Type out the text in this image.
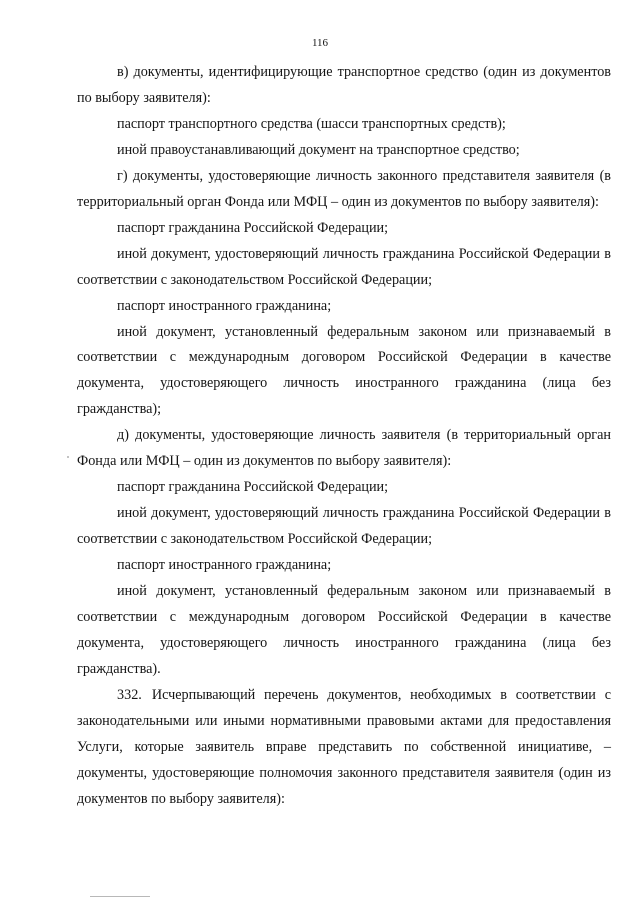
116

в) документы, идентифицирующие транспортное средство (один из документов по выбору заявителя):

паспорт транспортного средства (шасси транспортных средств);

иной правоустанавливающий документ на транспортное средство;

г) документы, удостоверяющие личность законного представителя заявителя (в территориальный орган Фонда или МФЦ – один из документов по выбору заявителя):

паспорт гражданина Российской Федерации;

иной документ, удостоверяющий личность гражданина Российской Федерации в соответствии с законодательством Российской Федерации;

паспорт иностранного гражданина;

иной документ, установленный федеральным законом или признаваемый в соответствии с международным договором Российской Федерации в качестве документа, удостоверяющего личность иностранного гражданина (лица без гражданства);

д) документы, удостоверяющие личность заявителя (в территориальный орган Фонда или МФЦ – один из документов по выбору заявителя):

паспорт гражданина Российской Федерации;

иной документ, удостоверяющий личность гражданина Российской Федерации в соответствии с законодательством Российской Федерации;

паспорт иностранного гражданина;

иной документ, установленный федеральным законом или признаваемый в соответствии с международным договором Российской Федерации в качестве документа, удостоверяющего личность иностранного гражданина (лица без гражданства).

332. Исчерпывающий перечень документов, необходимых в соответствии с законодательными или иными нормативными правовыми актами для предоставления Услуги, которые заявитель вправе представить по собственной инициативе, – документы, удостоверяющие полномочия законного представителя заявителя (один из документов по выбору заявителя):
